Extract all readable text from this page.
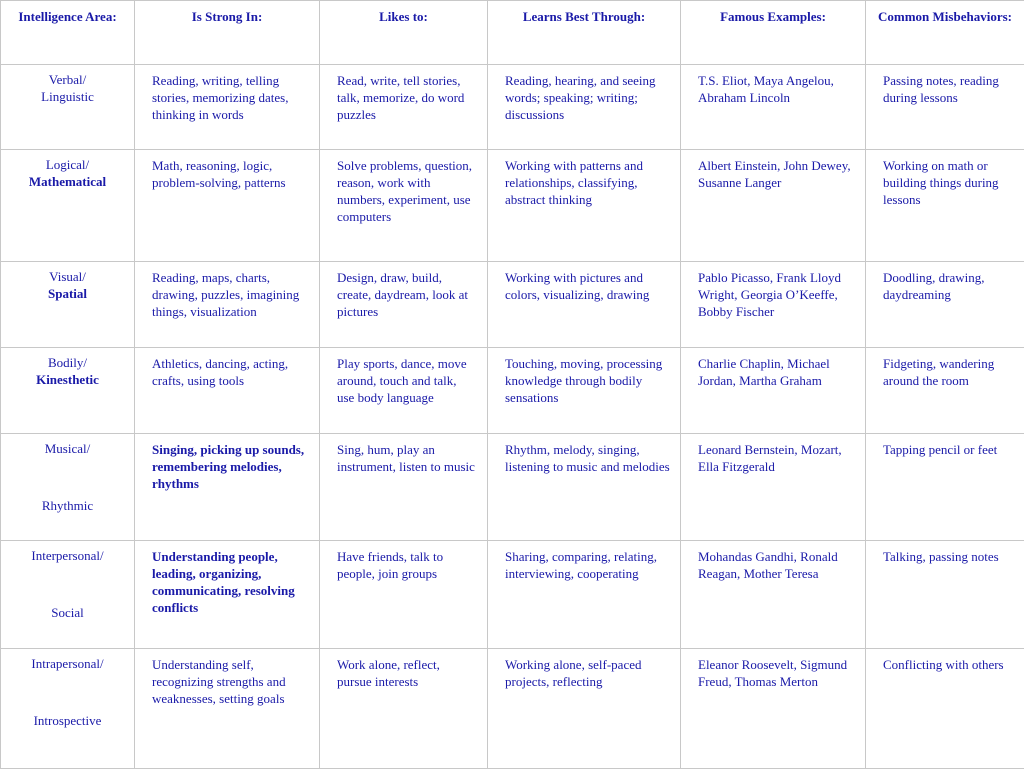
Intelligence Area:	Is Strong In:	Likes to:	Learns Best Through:	Famous Examples:	Common Misbehaviors:
Verbal/
Linguistic	Reading, writing, telling stories, memorizing dates, thinking in words	Read, write, tell stories, talk, memorize, do word puzzles	Reading, hearing, and seeing words; speaking; writing; discussions	T.S. Eliot, Maya Angelou, Abraham Lincoln	Passing notes, reading during lessons
Logical/
Mathematical	Math, reasoning, logic, problem-solving, patterns	Solve problems, question, reason, work with numbers, experiment, use computers	Working with patterns and relationships, classifying, abstract thinking	Albert Einstein, John Dewey, Susanne Langer	Working on math or building things during lessons
Visual/
Spatial	Reading, maps, charts, drawing, puzzles, imagining things, visualization	Design, draw, build, create, daydream, look at pictures	Working with pictures and colors, visualizing, drawing	Pablo Picasso, Frank Lloyd Wright, Georgia O’Keeffe, Bobby Fischer	Doodling, drawing, daydreaming
Bodily/
Kinesthetic	Athletics, dancing, acting, crafts, using tools	Play sports, dance, move around, touch and talk, use body language	Touching, moving, processing knowledge through bodily sensations	Charlie Chaplin, Michael Jordan, Martha Graham	Fidgeting, wandering around the room
Musical/
Rhythmic	Singing, picking up sounds, remembering melodies, rhythms	Sing, hum, play an instrument, listen to music	Rhythm, melody, singing, listening to music and melodies	Leonard Bernstein, Mozart, Ella Fitzgerald	Tapping pencil or feet
Interpersonal/
Social	Understanding people, leading, organizing, communicating, resolving conflicts	Have friends, talk to people, join groups	Sharing, comparing, relating, interviewing, cooperating	Mohandas Gandhi, Ronald Reagan, Mother Teresa	Talking, passing notes
Intrapersonal/
Introspective	Understanding self, recognizing strengths and weaknesses, setting goals	Work alone, reflect, pursue interests	Working alone, self-paced projects, reflecting	Eleanor Roosevelt, Sigmund Freud, Thomas Merton	Conflicting with others
